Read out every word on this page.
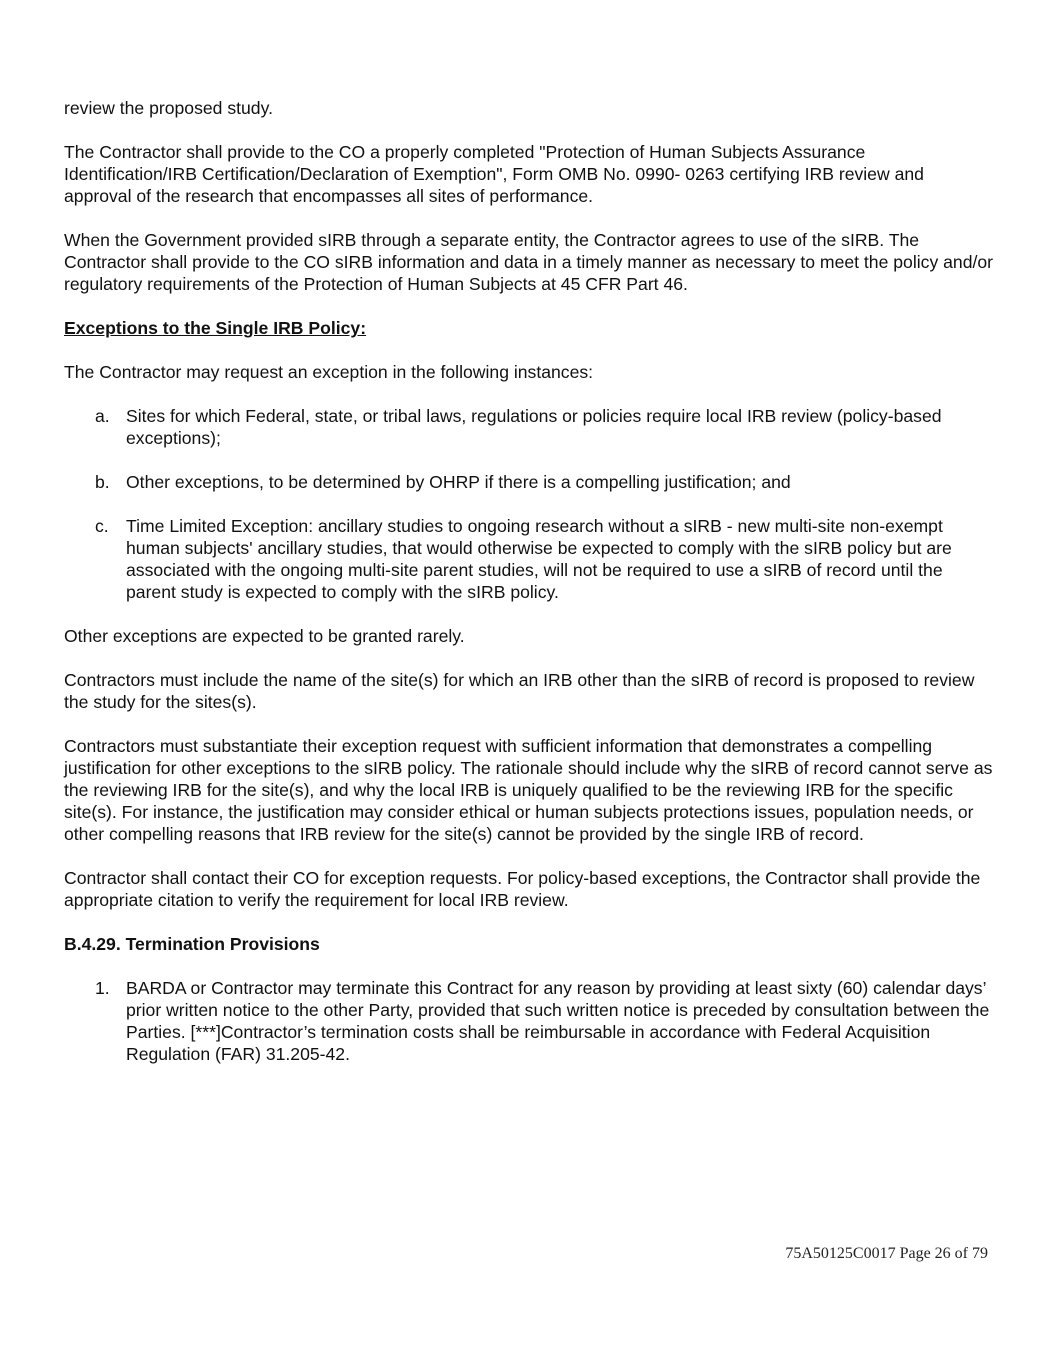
review the proposed study.

The Contractor shall provide to the CO a properly completed "Protection of Human Subjects Assurance Identification/IRB Certification/Declaration of Exemption", Form OMB No. 0990- 0263 certifying IRB review and approval of the research that encompasses all sites of performance.

When the Government provided sIRB through a separate entity, the Contractor agrees to use of the sIRB. The Contractor shall provide to the CO sIRB information and data in a timely manner as necessary to meet the policy and/or regulatory requirements of the Protection of Human Subjects at 45 CFR Part 46.

Exceptions to the Single IRB Policy:

The Contractor may request an exception in the following instances:

a. Sites for which Federal, state, or tribal laws, regulations or policies require local IRB review (policy-based exceptions);
b. Other exceptions, to be determined by OHRP if there is a compelling justification; and
c. Time Limited Exception: ancillary studies to ongoing research without a sIRB - new multi-site non-exempt human subjects' ancillary studies, that would otherwise be expected to comply with the sIRB policy but are associated with the ongoing multi-site parent studies, will not be required to use a sIRB of record until the parent study is expected to comply with the sIRB policy.

Other exceptions are expected to be granted rarely.

Contractors must include the name of the site(s) for which an IRB other than the sIRB of record is proposed to review the study for the sites(s).

Contractors must substantiate their exception request with sufficient information that demonstrates a compelling justification for other exceptions to the sIRB policy. The rationale should include why the sIRB of record cannot serve as the reviewing IRB for the site(s), and why the local IRB is uniquely qualified to be the reviewing IRB for the specific site(s). For instance, the justification may consider ethical or human subjects protections issues, population needs, or other compelling reasons that IRB review for the site(s) cannot be provided by the single IRB of record.

Contractor shall contact their CO for exception requests. For policy-based exceptions, the Contractor shall provide the appropriate citation to verify the requirement for local IRB review.

B.4.29. Termination Provisions

1. BARDA or Contractor may terminate this Contract for any reason by providing at least sixty (60) calendar days’ prior written notice to the other Party, provided that such written notice is preceded by consultation between the Parties. [***]Contractor’s termination costs shall be reimbursable in accordance with Federal Acquisition Regulation (FAR) 31.205-42.
75A50125C0017 Page 26 of 79
